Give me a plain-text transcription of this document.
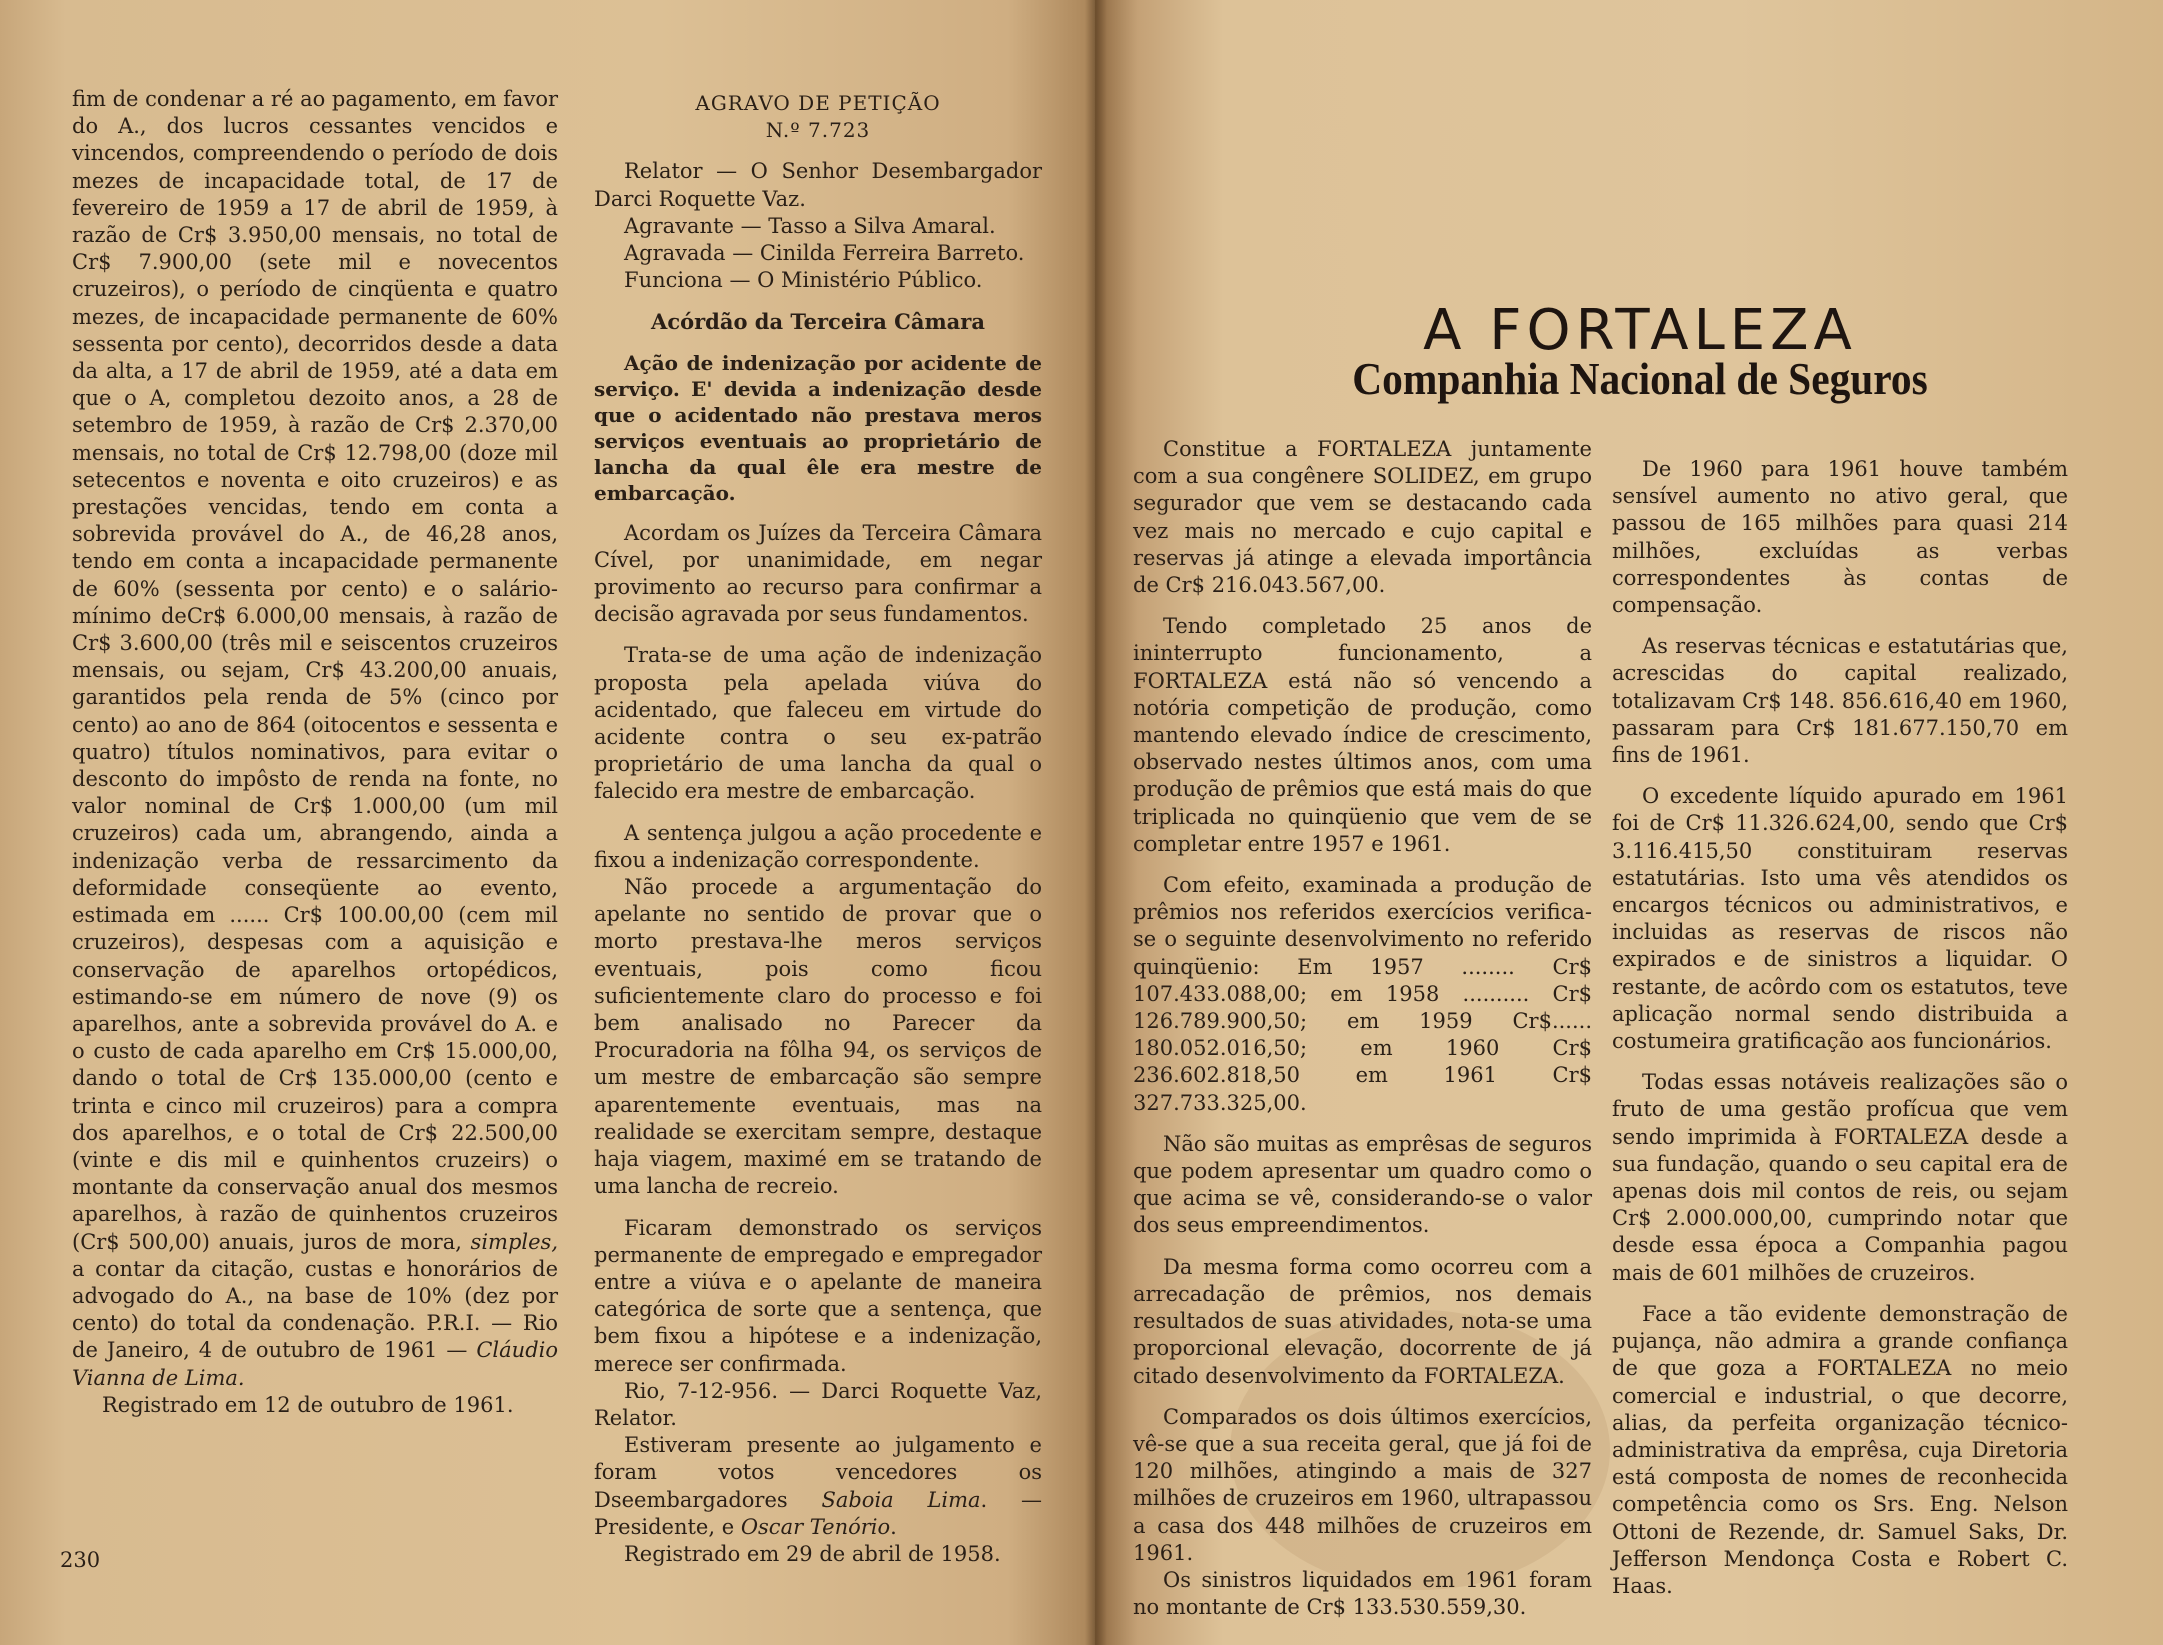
fim de condenar a ré ao pagamento, em favor do A., dos lucros cessantes vencidos e vincendos, compreendendo o período de dois mezes de incapacidade total, de 17 de fevereiro de 1959 a 17 de abril de 1959, à razão de Cr$ 3.950,00 mensais, no total de Cr$ 7.900,00 (sete mil e novecentos cruzeiros), o período de cinqüenta e quatro mezes, de incapacidade permanente de 60% sessenta por cento), decorridos desde a data da alta, a 17 de abril de 1959, até a data em que o A, completou dezoito anos, a 28 de setembro de 1959, à razão de Cr$ 2.370,00 mensais, no total de Cr$ 12.798,00 (doze mil setecentos e noventa e oito cruzeiros) e as prestações vencidas, tendo em conta a sobrevida provável do A., de 46,28 anos, tendo em conta a incapacidade permanente de 60% (sessenta por cento) e o salário-mínimo deCr$ 6.000,00 mensais, à razão de Cr$ 3.600,00 (três mil e seiscentos cruzeiros mensais, ou sejam, Cr$ 43.200,00 anuais, garantidos pela renda de 5% (cinco por cento) ao ano de 864 (oitocentos e sessenta e quatro) títulos nominativos, para evitar o desconto do impôsto de renda na fonte, no valor nominal de Cr$ 1.000,00 (um mil cruzeiros) cada um, abrangendo, ainda a indenização verba de ressarcimento da deformidade conseqüente ao evento, estimada em ...... Cr$ 100.00,00 (cem mil cruzeiros), despesas com a aquisição e conservação de aparelhos ortopédicos, estimando-se em número de nove (9) os aparelhos, ante a sobrevida provável do A. e o custo de cada aparelho em Cr$ 15.000,00, dando o total de Cr$ 135.000,00 (cento e trinta e cinco mil cruzeiros) para a compra dos aparelhos, e o total de Cr$ 22.500,00 (vinte e dis mil e quinhentos cruzeirs) o montante da conservação anual dos mesmos aparelhos, à razão de quinhentos cruzeiros (Cr$ 500,00) anuais, juros de mora, simples, a contar da citação, custas e honorários de advogado do A., na base de 10% (dez por cento) do total da condenação. P.R.I. — Rio de Janeiro, 4 de outubro de 1961 — Cláudio Vianna de Lima.

Registrado em 12 de outubro de 1961.

AGRAVO DE PETIÇÃO

N.º 7.723

Relator — O Senhor Desembargador Darci Roquette Vaz.

Agravante — Tasso a Silva Amaral.

Agravada — Cinilda Ferreira Barreto.

Funciona — O Ministério Público.

Acórdão da Terceira Câmara

Ação de indenização por acidente de serviço. E' devida a indenização desde que o acidentado não prestava meros serviços eventuais ao proprietário de lancha da qual êle era mestre de embarcação.

Acordam os Juízes da Terceira Câmara Cível, por unanimidade, em negar provimento ao recurso para confirmar a decisão agravada por seus fundamentos.

Trata-se de uma ação de indenização proposta pela apelada viúva do acidentado, que faleceu em virtude do acidente contra o seu ex-patrão proprietário de uma lancha da qual o falecido era mestre de embarcação.

A sentença julgou a ação procedente e fixou a indenização correspondente.

Não procede a argumentação do apelante no sentido de provar que o morto prestava-lhe meros serviços eventuais, pois como ficou suficientemente claro do processo e foi bem analisado no Parecer da Procuradoria na fôlha 94, os serviços de um mestre de embarcação são sempre aparentemente eventuais, mas na realidade se exercitam sempre, destaque haja viagem, maximé em se tratando de uma lancha de recreio.

Ficaram demonstrado os serviços permanente de empregado e empregador entre a viúva e o apelante de maneira categórica de sorte que a sentença, que bem fixou a hipótese e a indenização, merece ser confirmada.

Rio, 7-12-956. — Darci Roquette Vaz, Relator.

Estiveram presente ao julgamento e foram votos vencedores os Dseembargadores Saboia Lima. — Presidente, e Oscar Tenório.

Registrado em 29 de abril de 1958.

230
A FORTALEZA
Companhia Nacional de Seguros

Constitue a FORTALEZA juntamente com a sua congênere SOLIDEZ, em grupo segurador que vem se destacando cada vez mais no mercado e cujo capital e reservas já atinge a elevada importância de Cr$ 216.043.567,00.

Tendo completado 25 anos de ininterrupto funcionamento, a FORTALEZA está não só vencendo a notória competição de produção, como mantendo elevado índice de crescimento, observado nestes últimos anos, com uma produção de prêmios que está mais do que triplicada no quinqüenio que vem de se completar entre 1957 e 1961.

Com efeito, examinada a produção de prêmios nos referidos exercícios verifica-se o seguinte desenvolvimento no referido quinqüenio: Em 1957 ........ Cr$ 107.433.088,00; em 1958 .......... Cr$ 126.789.900,50; em 1959 Cr$...... 180.052.016,50; em 1960 Cr$ 236.602.818,50 em 1961 Cr$ 327.733.325,00.

Não são muitas as emprêsas de seguros que podem apresentar um quadro como o que acima se vê, considerando-se o valor dos seus empreendimentos.

Da mesma forma como ocorreu com a arrecadação de prêmios, nos demais resultados de suas atividades, nota-se uma proporcional elevação, docorrente de já citado desenvolvimento da FORTALEZA.

Comparados os dois últimos exercícios, vê-se que a sua receita geral, que já foi de 120 milhões, atingindo a mais de 327 milhões de cruzeiros em 1960, ultrapassou a casa dos 448 milhões de cruzeiros em 1961.

Os sinistros liquidados em 1961 foram no montante de Cr$ 133.530.559,30.

De 1960 para 1961 houve também sensível aumento no ativo geral, que passou de 165 milhões para quasi 214 milhões, excluídas as verbas correspondentes às contas de compensação.

As reservas técnicas e estatutárias que, acrescidas do capital realizado, totalizavam Cr$ 148. 856.616,40 em 1960, passaram para Cr$ 181.677.150,70 em fins de 1961.

O excedente líquido apurado em 1961 foi de Cr$ 11.326.624,00, sendo que Cr$ 3.116.415,50 constituiram reservas estatutárias. Isto uma vês atendidos os encargos técnicos ou administrativos, e incluidas as reservas de riscos não expirados e de sinistros a liquidar. O restante, de acôrdo com os estatutos, teve aplicação normal sendo distribuida a costumeira gratificação aos funcionários.

Todas essas notáveis realizações são o fruto de uma gestão profícua que vem sendo imprimida à FORTALEZA desde a sua fundação, quando o seu capital era de apenas dois mil contos de reis, ou sejam Cr$ 2.000.000,00, cumprindo notar que desde essa época a Companhia pagou mais de 601 milhões de cruzeiros.

Face a tão evidente demonstração de pujança, não admira a grande confiança de que goza a FORTALEZA no meio comercial e industrial, o que decorre, alias, da perfeita organização técnico-administrativa da emprêsa, cuja Diretoria está composta de nomes de reconhecida competência como os Srs. Eng. Nelson Ottoni de Rezende, dr. Samuel Saks, Dr. Jefferson Mendonça Costa e Robert C. Haas.
